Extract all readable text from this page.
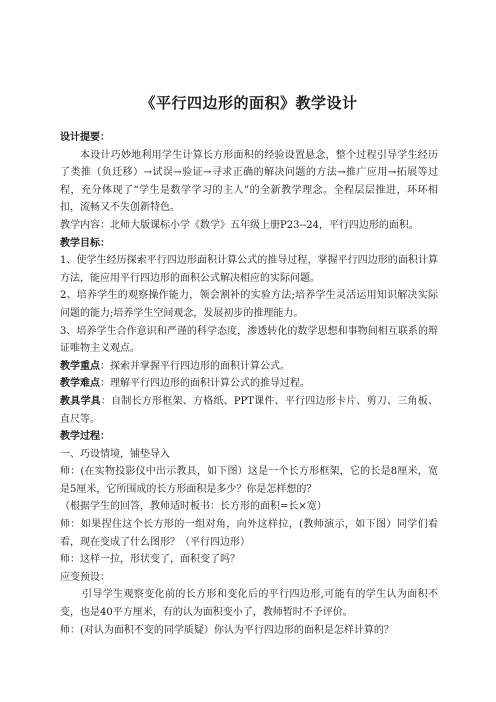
《平行四边形的面积》教学设计

设计提要：

本设计巧妙地利用学生计算长方形面积的经验设置悬念，整个过程引导学生经历了类推（负迁移）→试误→验证→寻求正确的解决问题的方法→推广应用→拓展等过程，充分体现了“学生是数学学习的主人”的全新教学理念。全程层层推进，环环相扣，流畅又不失创新特色。

教学内容：北师大版课标小学《数学》五年级上册P23--24，平行四边形的面积。

教学目标：

1、使学生经历探索平行四边形面积计算公式的推导过程，掌握平行四边形的面积计算方法，能应用平行四边形的面积公式解决相应的实际问题。

2、培养学生的观察操作能力，领会割补的实验方法;培养学生灵活运用知识解决实际问题的能力;培养学生空间观念，发展初步的推理能力。

3、培养学生合作意识和严谨的科学态度，渗透转化的数学思想和事物间相互联系的辩证唯物主义观点。

教学重点：探索并掌握平行四边形的面积计算公式。

教学难点：理解平行四边形的面积计算公式的推导过程。

教具学具：自制长方形框架、方格纸、PPT课件、平行四边形卡片、剪刀、三角板、直尺等。

教学过程：

一、巧设情境，铺垫导入

师：(在实物投影仪中出示教具，如下图）这是一个长方形框架，它的长是8厘米，宽是5厘米，它所围成的长方形面积是多少？你是怎样想的？

（根据学生的回答，教师适时板书：长方形的面积=长×宽）

师：如果捏住这个长方形的一组对角，向外这样拉，(教师演示，如下图）同学们看看，现在变成了什么图形？（平行四边形）

师：这样一拉，形状变了，面积变了吗？

应变预设：

引导学生观察变化前的长方形和变化后的平行四边形,可能有的学生认为面积不变，也是40平方厘米，有的认为面积变小了，教师暂时不予评价。

师：(对认为面积不变的同学质疑）你认为平行四边形的面积是怎样计算的？
